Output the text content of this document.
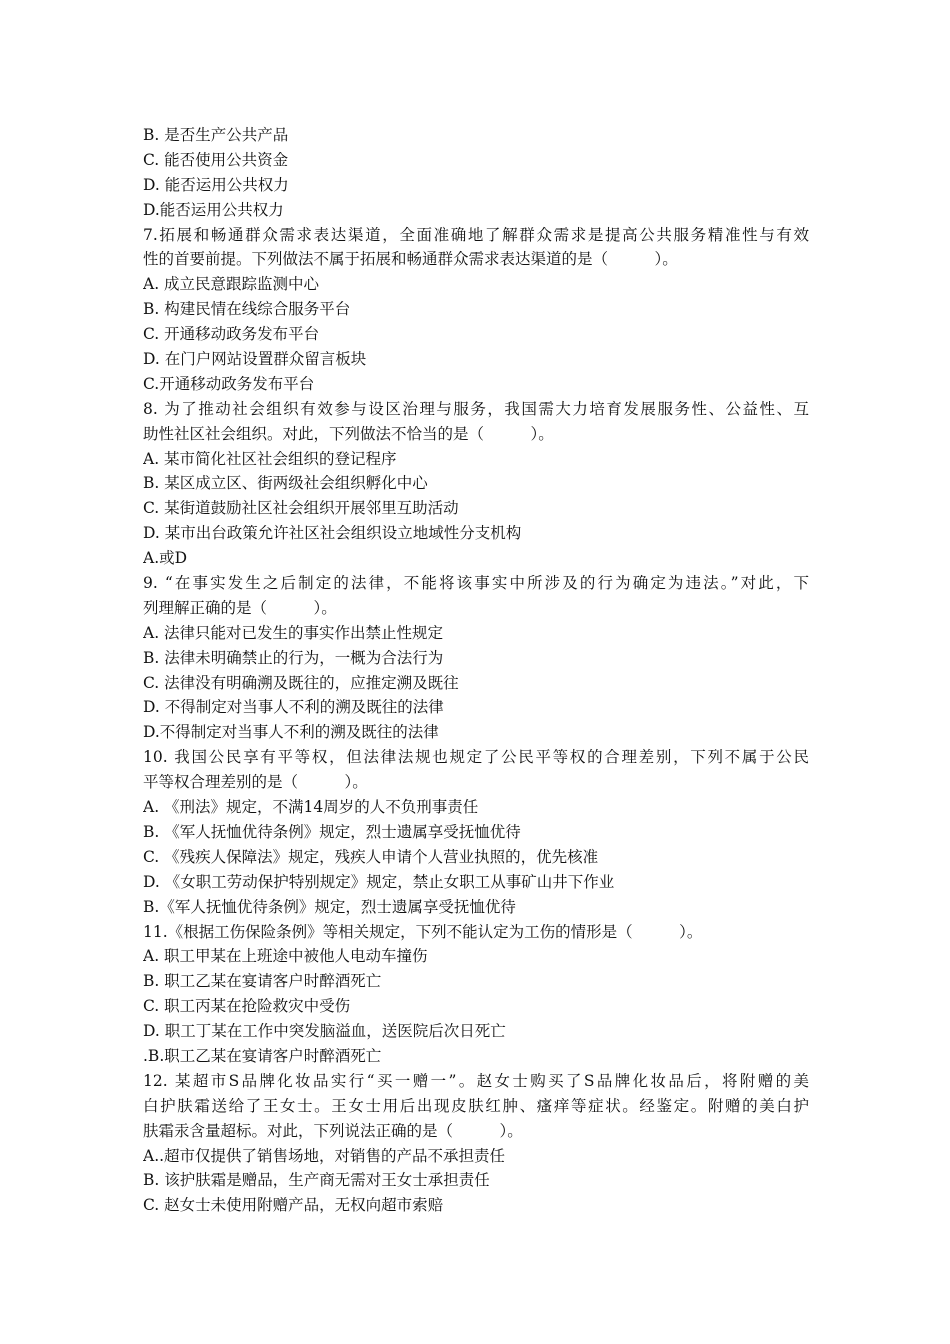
B. 是否生产公共产品
C. 能否使用公共资金
D. 能否运用公共权力
D.能否运用公共权力
7.拓展和畅通群众需求表达渠道，全面准确地了解群众需求是提高公共服务精准性与有效
性的首要前提。下列做法不属于拓展和畅通群众需求表达渠道的是（　　　）。
A. 成立民意跟踪监测中心
B. 构建民情在线综合服务平台
C. 开通移动政务发布平台
D. 在门户网站设置群众留言板块
C.开通移动政务发布平台
8. 为了推动社会组织有效参与设区治理与服务，我国需大力培育发展服务性、公益性、互
助性社区社会组织。对此，下列做法不恰当的是（　　　）。
A. 某市简化社区社会组织的登记程序
B. 某区成立区、街两级社会组织孵化中心
C. 某街道鼓励社区社会组织开展邻里互助活动
D. 某市出台政策允许社区社会组织设立地域性分支机构
A.或D
9. “在事实发生之后制定的法律，不能将该事实中所涉及的行为确定为违法。”对此，下
列理解正确的是（　　　）。
A. 法律只能对已发生的事实作出禁止性规定
B. 法律未明确禁止的行为，一概为合法行为
C. 法律没有明确溯及既往的，应推定溯及既往
D. 不得制定对当事人不利的溯及既往的法律
D.不得制定对当事人不利的溯及既往的法律
10. 我国公民享有平等权，但法律法规也规定了公民平等权的合理差别，下列不属于公民
平等权合理差别的是（　　　）。
A. 《刑法》规定，不满14周岁的人不负刑事责任
B. 《军人抚恤优待条例》规定，烈士遗属享受抚恤优待
C. 《残疾人保障法》规定，残疾人申请个人营业执照的，优先核准
D. 《女职工劳动保护特别规定》规定，禁止女职工从事矿山井下作业
B.《军人抚恤优待条例》规定，烈士遗属享受抚恤优待
11.《根据工伤保险条例》等相关规定，下列不能认定为工伤的情形是（　　　）。
A. 职工甲某在上班途中被他人电动车撞伤
B. 职工乙某在宴请客户时醉酒死亡
C. 职工丙某在抢险救灾中受伤
D. 职工丁某在工作中突发脑溢血，送医院后次日死亡
.B.职工乙某在宴请客户时醉酒死亡
12. 某超市S品牌化妆品实行“买一赠一”。赵女士购买了S品牌化妆品后，将附赠的美
白护肤霜送给了王女士。王女士用后出现皮肤红肿、瘙痒等症状。经鉴定。附赠的美白护
肤霜汞含量超标。对此，下列说法正确的是（　　　）。
A..超市仅提供了销售场地，对销售的产品不承担责任
B. 该护肤霜是赠品，生产商无需对王女士承担责任
C. 赵女士未使用附赠产品，无权向超市索赔
